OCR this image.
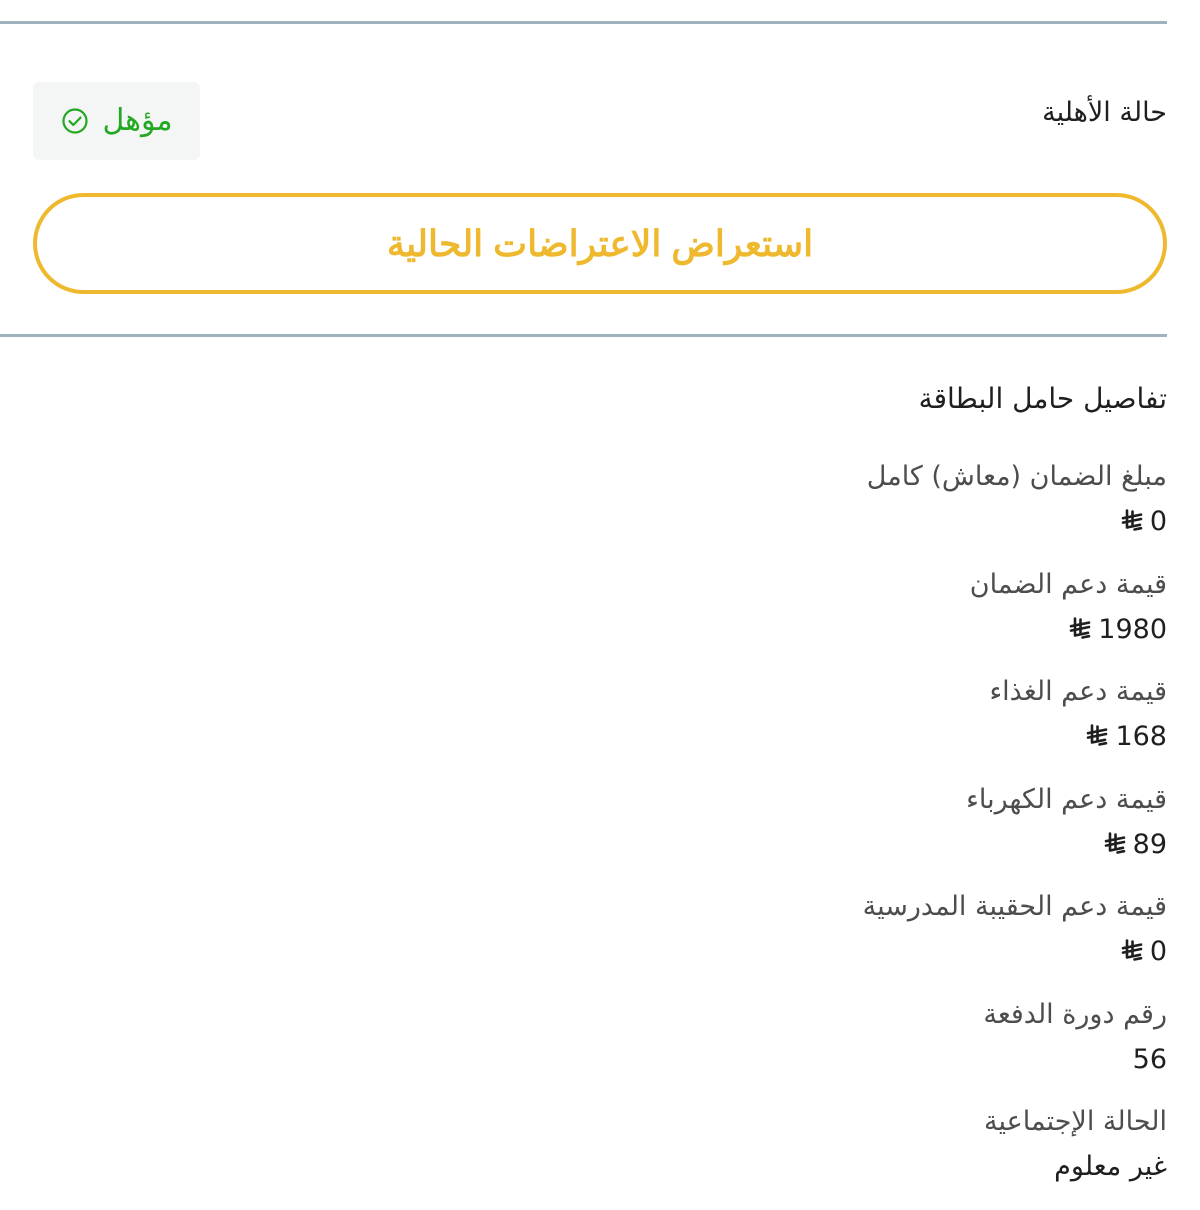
حالة الأهلية
مؤهل
استعراض الاعتراضات الحالية
تفاصيل حامل البطاقة
مبلغ الضمان (معاش) كامل
0
قيمة دعم الضمان
1980
قيمة دعم الغذاء
168
قيمة دعم الكهرباء
89
قيمة دعم الحقيبة المدرسية
0
رقم دورة الدفعة
56
الحالة الإجتماعية
غير معلوم
